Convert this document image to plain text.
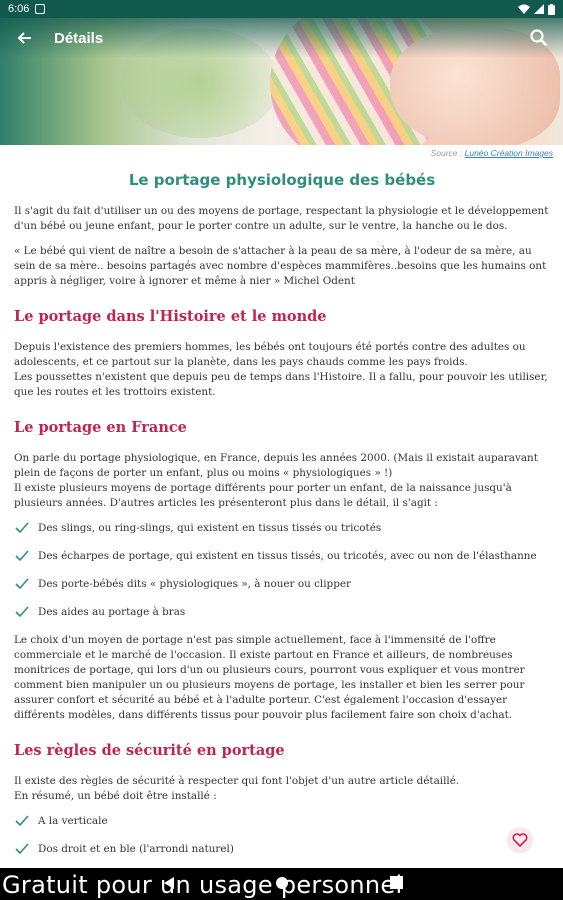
6:06
Détails
Source : Lunéo Création Images
Le portage physiologique des bébés

Il s'agit du fait d'utiliser un ou des moyens de portage, respectant la physiologie et le développement d'un bébé ou jeune enfant, pour le porter contre un adulte, sur le ventre, la hanche ou le dos.

« Le bébé qui vient de naître a besoin de s'attacher à la peau de sa mère, à l'odeur de sa mère, au sein de sa mère.. besoins partagés avec nombre d'espèces mammifères..besoins que les humains ont appris à négliger, voire à ignorer et même à nier » Michel Odent

Le portage dans l'Histoire et le monde

Depuis l'existence des premiers hommes, les bébés ont toujours été portés contre des adultes ou adolescents, et ce partout sur la planète, dans les pays chauds comme les pays froids.
Les poussettes n'existent que depuis peu de temps dans l'Histoire. Il a fallu, pour pouvoir les utiliser, que les routes et les trottoirs existent.

Le portage en France

On parle du portage physiologique, en France, depuis les années 2000. (Mais il existait auparavant plein de façons de porter un enfant, plus ou moins « physiologiques » !)
Il existe plusieurs moyens de portage différents pour porter un enfant, de la naissance jusqu'à plusieurs années. D'autres articles les présenteront plus dans le détail, il s'agit :

Des slings, ou ring-slings, qui existent en tissus tissés ou tricotés
Des écharpes de portage, qui existent en tissus tissés, ou tricotés, avec ou non de l'élasthanne
Des porte-bébés dits « physiologiques », à nouer ou clipper
Des aides au portage à bras

Le choix d'un moyen de portage n'est pas simple actuellement, face à l'immensité de l'offre commerciale et le marché de l'occasion. Il existe partout en France et ailleurs, de nombreuses monitrices de portage, qui lors d'un ou plusieurs cours, pourront vous expliquer et vous montrer comment bien manipuler un ou plusieurs moyens de portage, les installer et bien les serrer pour assurer confort et sécurité au bébé et à l'adulte porteur. C'est également l'occasion d'essayer différents modèles, dans différents tissus pour pouvoir plus facilement faire son choix d'achat.

Les règles de sécurité en portage

Il existe des règles de sécurité à respecter qui font l'objet d'un autre article détaillé.
En résumé, un bébé doit être installé :

A la verticale
Dos droit et en ble (l'arrondi naturel)
Gratuit pour un usage personnel
